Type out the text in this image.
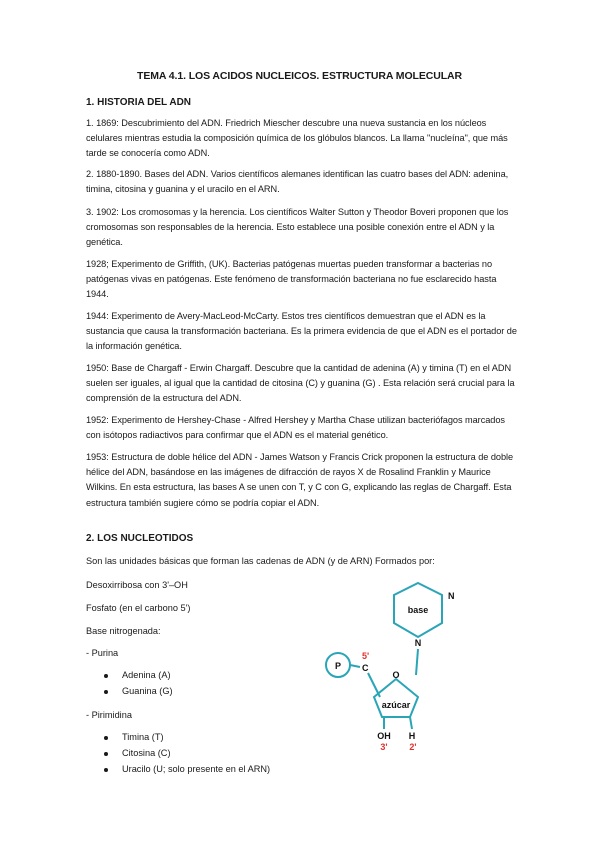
TEMA 4.1. LOS ACIDOS NUCLEICOS. ESTRUCTURA MOLECULAR
1. HISTORIA DEL ADN
1. 1869: Descubrimiento del ADN. Friedrich Miescher descubre una nueva sustancia en los núcleos celulares mientras estudia la composición química de los glóbulos blancos. La llama "nucleína", que más tarde se conocería como ADN.
2. 1880-1890. Bases del ADN. Varios científicos alemanes identifican las cuatro bases del ADN: adenina, timina, citosina y guanina y el uracilo en el ARN.
3. 1902: Los cromosomas y la herencia. Los científicos Walter Sutton y Theodor Boveri proponen que los cromosomas son responsables de la herencia. Esto establece una posible conexión entre el ADN y la genética.
1928; Experimento de Griffith, (UK). Bacterias patógenas muertas pueden transformar a bacterias no patógenas vivas en patógenas. Este fenómeno de transformación bacteriana no fue esclarecido hasta 1944.
1944: Experimento de Avery-MacLeod-McCarty. Estos tres científicos demuestran que el ADN es la sustancia que causa la transformación bacteriana. Es la primera evidencia de que el ADN es el portador de la información genética.
1950: Base de Chargaff - Erwin Chargaff. Descubre que la cantidad de adenina (A) y timina (T) en el ADN suelen ser iguales, al igual que la cantidad de citosina (C) y guanina (G) . Esta relación será crucial para la comprensión de la estructura del ADN.
1952: Experimento de Hershey-Chase - Alfred Hershey y Martha Chase utilizan bacteriófagos marcados con isótopos radiactivos para confirmar que el ADN es el material genético.
1953: Estructura de doble hélice del ADN - James Watson y Francis Crick proponen la estructura de doble hélice del ADN, basándose en las imágenes de difracción de rayos X de Rosalind Franklin y Maurice Wilkins. En esta estructura, las bases A se unen con T, y C con G, explicando las reglas de Chargaff. Esta estructura también sugiere cómo se podría copiar el ADN.
2. LOS NUCLEOTIDOS
Son las unidades básicas que forman las cadenas de ADN (y de ARN) Formados por:
Desoxirribosa con 3'–OH
Fosfato (en el carbono 5')
Base nitrogenada:
- Purina
Adenina (A)
Guanina (G)
- Pirimidina
Timina (T)
Citosina (C)
Uracilo (U; solo presente en el ARN)
base
N
N
P
5'
C
O
azúcar
OH
3'
H
2'
